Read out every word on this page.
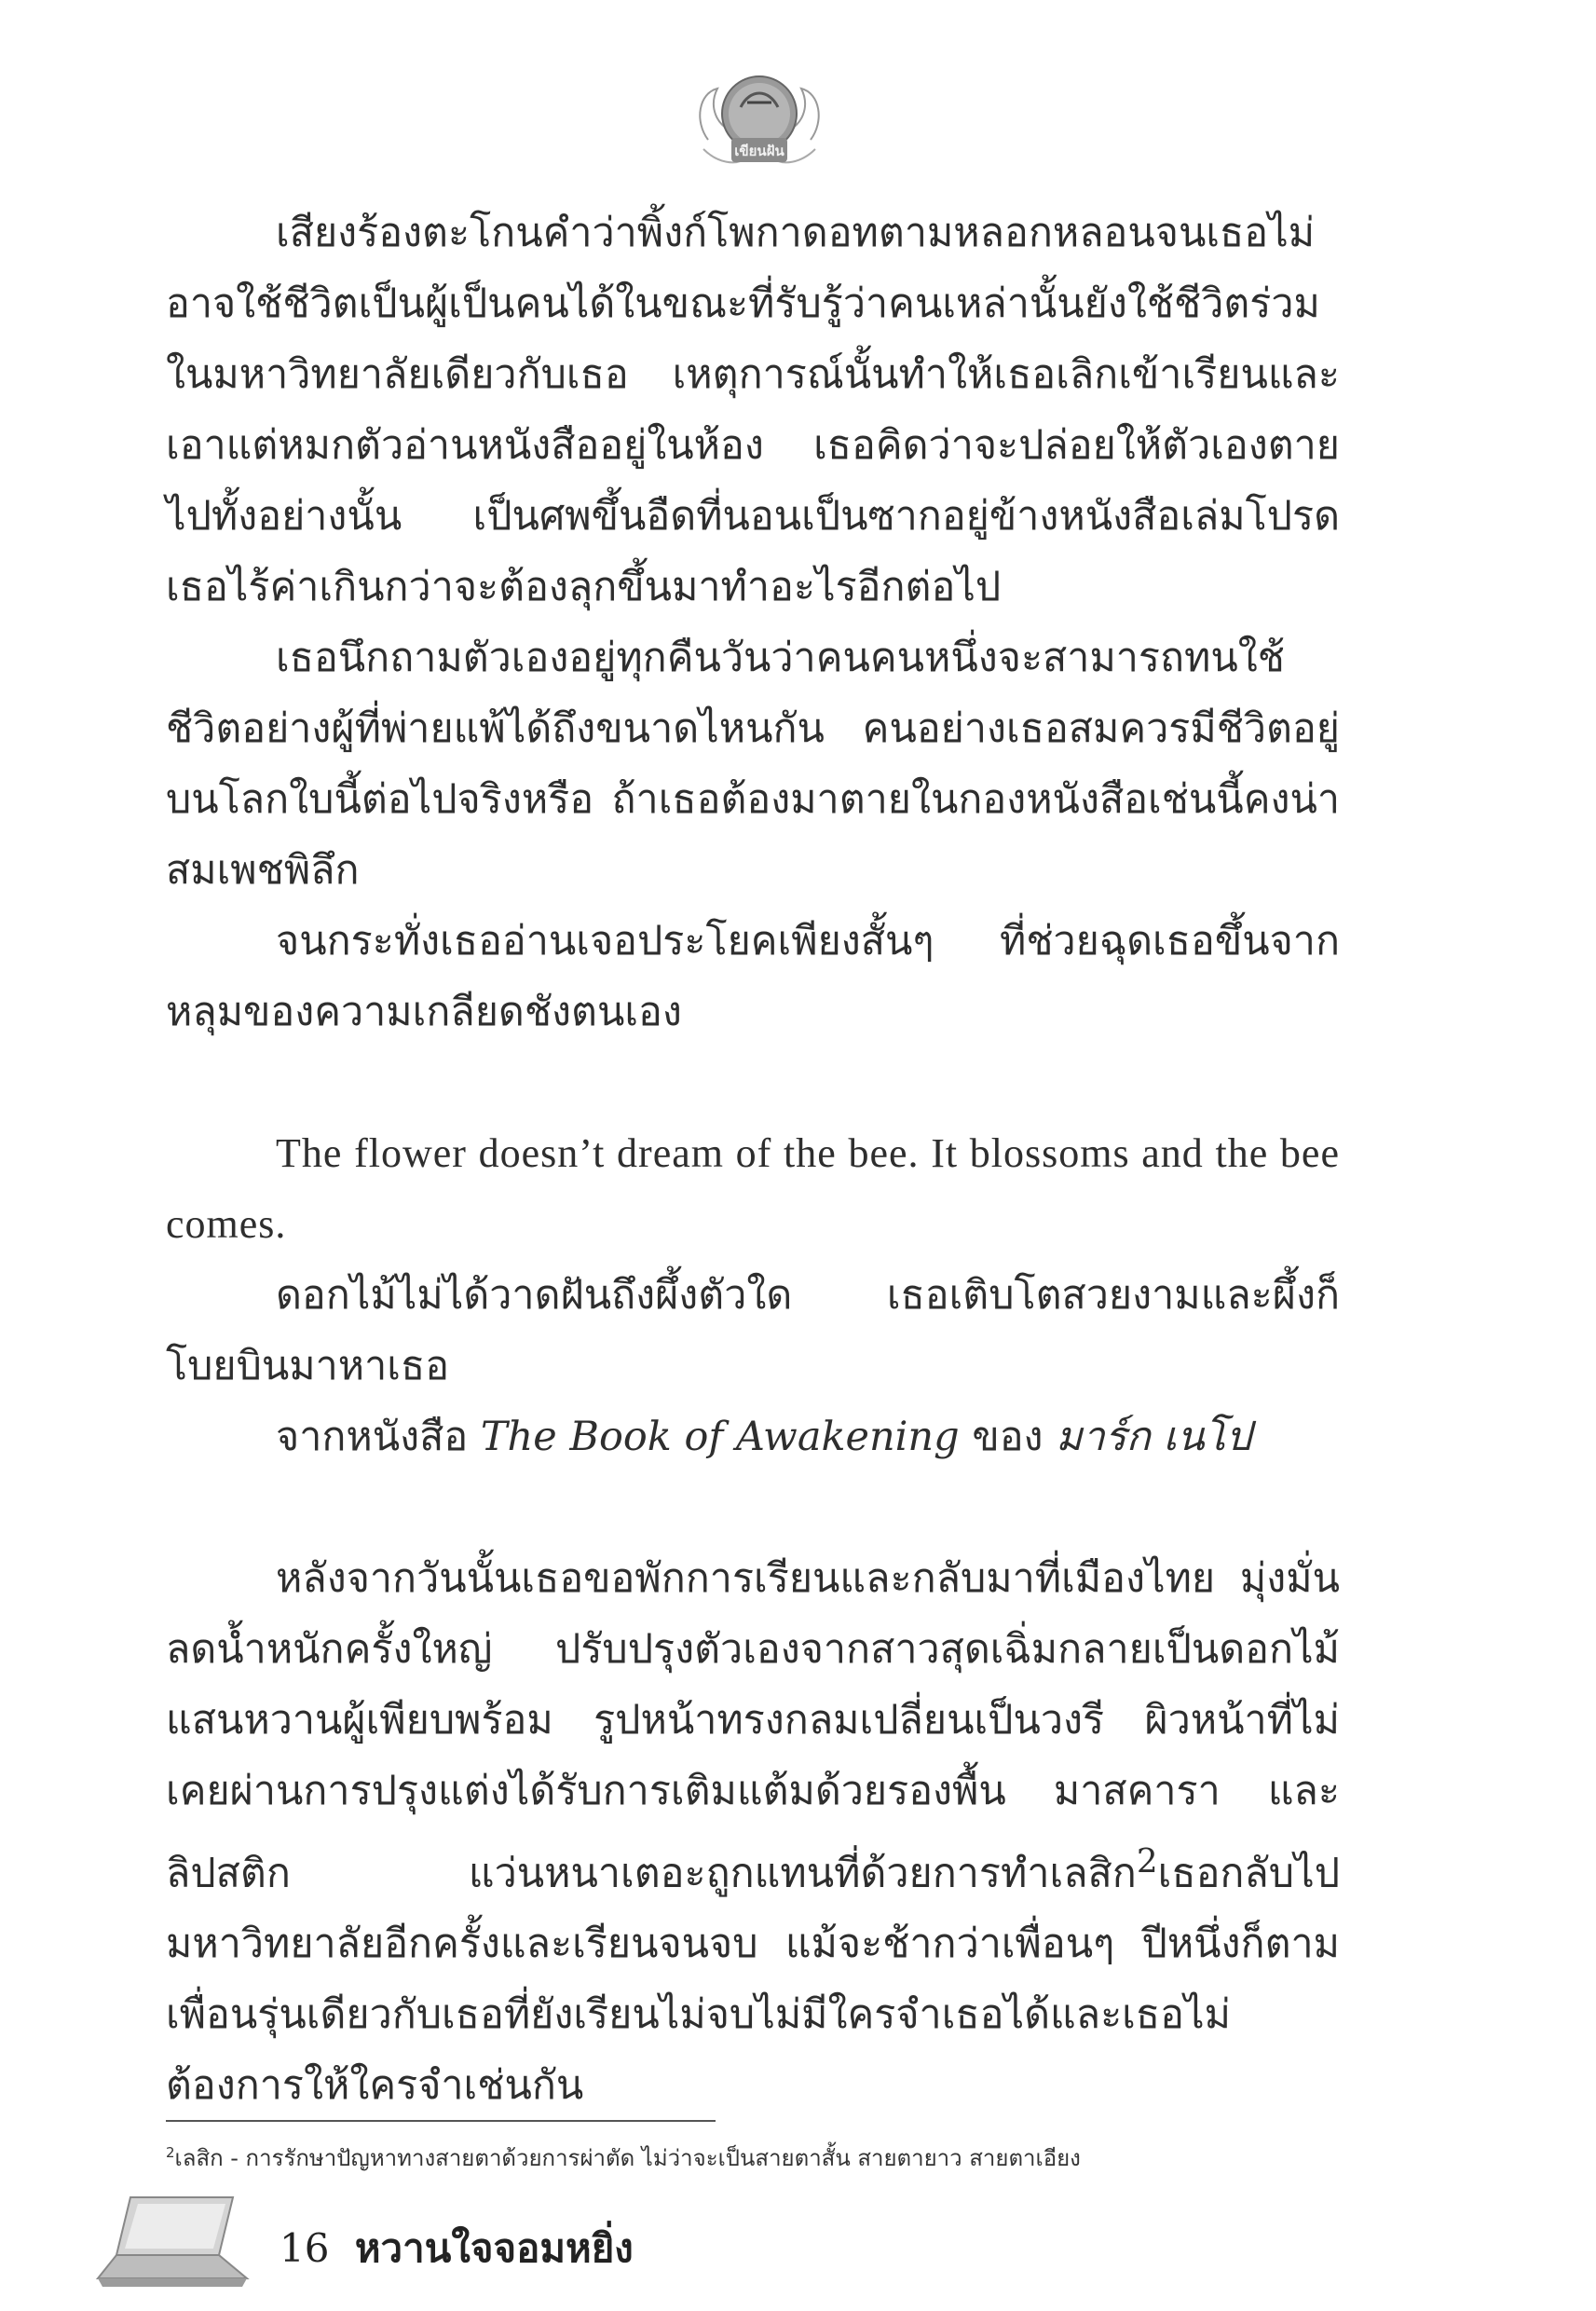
เขียนฝัน

เสียงร้องตะโกนคำว่าพิ้งก์โพกาดอทตามหลอกหลอนจนเธอไม่อาจใช้ชีวิตเป็นผู้เป็นคนได้ในขณะที่รับรู้ว่าคนเหล่านั้นยังใช้ชีวิตร่วมในมหาวิทยาลัยเดียวกับเธอ เหตุการณ์นั้นทำให้เธอเลิกเข้าเรียนและเอาแต่หมกตัวอ่านหนังสืออยู่ในห้อง เธอคิดว่าจะปล่อยให้ตัวเองตายไปทั้งอย่างนั้น เป็นศพขึ้นอืดที่นอนเป็นซากอยู่ข้างหนังสือเล่มโปรด เธอไร้ค่าเกินกว่าจะต้องลุกขึ้นมาทำอะไรอีกต่อไป

เธอนึกถามตัวเองอยู่ทุกคืนวันว่าคนคนหนึ่งจะสามารถทนใช้ชีวิตอย่างผู้ที่พ่ายแพ้ได้ถึงขนาดไหนกัน คนอย่างเธอสมควรมีชีวิตอยู่บนโลกใบนี้ต่อไปจริงหรือ ถ้าเธอต้องมาตายในกองหนังสือเช่นนี้คงน่าสมเพชพิลึก

จนกระทั่งเธออ่านเจอประโยคเพียงสั้นๆ ที่ช่วยฉุดเธอขึ้นจากหลุมของความเกลียดชังตนเอง

The flower doesn’t dream of the bee. It blossoms and the bee comes.

ดอกไม้ไม่ได้วาดฝันถึงผึ้งตัวใด เธอเติบโตสวยงามและผึ้งก็โบยบินมาหาเธอ

จากหนังสือ The Book of Awakening ของ มาร์ก เนโป

หลังจากวันนั้นเธอขอพักการเรียนและกลับมาที่เมืองไทย มุ่งมั่นลดน้ำหนักครั้งใหญ่ ปรับปรุงตัวเองจากสาวสุดเฉิ่มกลายเป็นดอกไม้แสนหวานผู้เพียบพร้อม รูปหน้าทรงกลมเปลี่ยนเป็นวงรี ผิวหน้าที่ไม่เคยผ่านการปรุงแต่งได้รับการเติมแต้มด้วยรองพื้น มาสคารา และลิปสติก แว่นหนาเตอะถูกแทนที่ด้วยการทำเลสิก$^2$เธอกลับไปมหาวิทยาลัยอีกครั้งและเรียนจนจบ แม้จะช้ากว่าเพื่อนๆ ปีหนึ่งก็ตาม เพื่อนรุ่นเดียวกับเธอที่ยังเรียนไม่จบไม่มีใครจำเธอได้และเธอไม่ต้องการให้ใครจำเช่นกัน

$^2$เลสิก - การรักษาปัญหาทางสายตาด้วยการผ่าตัด ไม่ว่าจะเป็นสายตาสั้น สายตายาว สายตาเอียง
16 หวานใจจอมหยิ่ง
